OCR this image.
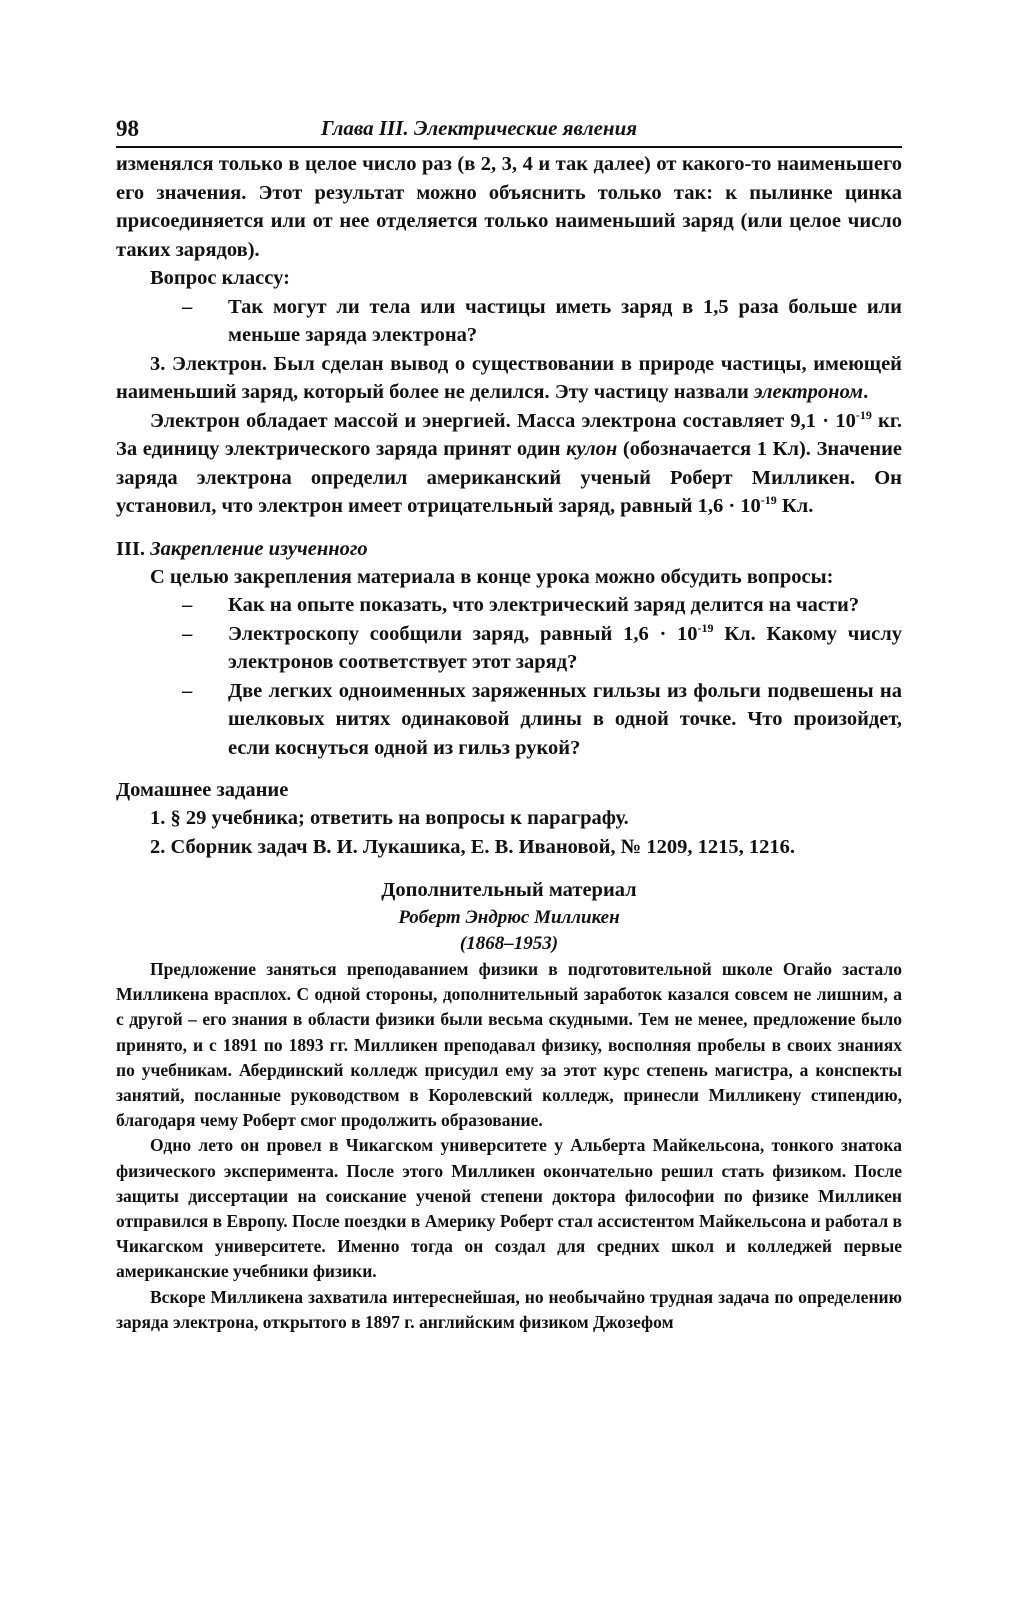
98	Глава III. Электрические явления

изменялся только в целое число раз (в 2, 3, 4 и так далее) от какого-то наименьшего его значения. Этот результат можно объяснить только так: к пылинке цинка присоединяется или от нее отделяется только наименьший заряд (или целое число таких зарядов).

Вопрос классу:

– Так могут ли тела или частицы иметь заряд в 1,5 раза больше или меньше заряда электрона?

3. Электрон. Был сделан вывод о существовании в природе частицы, имеющей наименьший заряд, который более не делился. Эту частицу назвали электроном.

Электрон обладает массой и энергией. Масса электрона составляет $9,1 \cdot 10^{-19}$ кг. За единицу электрического заряда принят один кулон (обозначается 1 Кл). Значение заряда электрона определил американский ученый Роберт Милликен. Он установил, что электрон имеет отрицательный заряд, равный $1,6 \cdot 10^{-19}$ Кл.

III. Закрепление изученного

С целью закрепления материала в конце урока можно обсудить вопросы:

– Как на опыте показать, что электрический заряд делится на части?
– Электроскопу сообщили заряд, равный $1,6 \cdot 10^{-19}$ Кл. Какому числу электронов соответствует этот заряд?
– Две легких одноименных заряженных гильзы из фольги подвешены на шелковых нитях одинаковой длины в одной точке. Что произойдет, если коснуться одной из гильз рукой?
Домашнее задание

1. § 29 учебника; ответить на вопросы к параграфу.

2. Сборник задач В. И. Лукашика, Е. В. Ивановой, № 1209, 1215, 1216.

Дополнительный материал
Роберт Эндрюс Милликен
(1868–1953)

Предложение заняться преподаванием физики в подготовительной школе Огайо застало Милликена врасплох. С одной стороны, дополнительный заработок казался совсем не лишним, а с другой – его знания в области физики были весьма скудными. Тем не менее, предложение было принято, и с 1891 по 1893 гг. Милликен преподавал физику, восполняя пробелы в своих знаниях по учебникам. Абердинский колледж присудил ему за этот курс степень магистра, а конспекты занятий, посланные руководством в Королевский колледж, принесли Милликену стипендию, благодаря чему Роберт смог продолжить образование.

Одно лето он провел в Чикагском университете у Альберта Майкельсона, тонкого знатока физического эксперимента. После этого Милликен окончательно решил стать физиком. После защиты диссертации на соискание ученой степени доктора философии по физике Милликен отправился в Европу. После поездки в Америку Роберт стал ассистентом Майкельсона и работал в Чикагском университете. Именно тогда он создал для средних школ и колледжей первые американские учебники физики.

Вскоре Милликена захватила интереснейшая, но необычайно трудная задача по определению заряда электрона, открытого в 1897 г. английским физиком Джозефом
